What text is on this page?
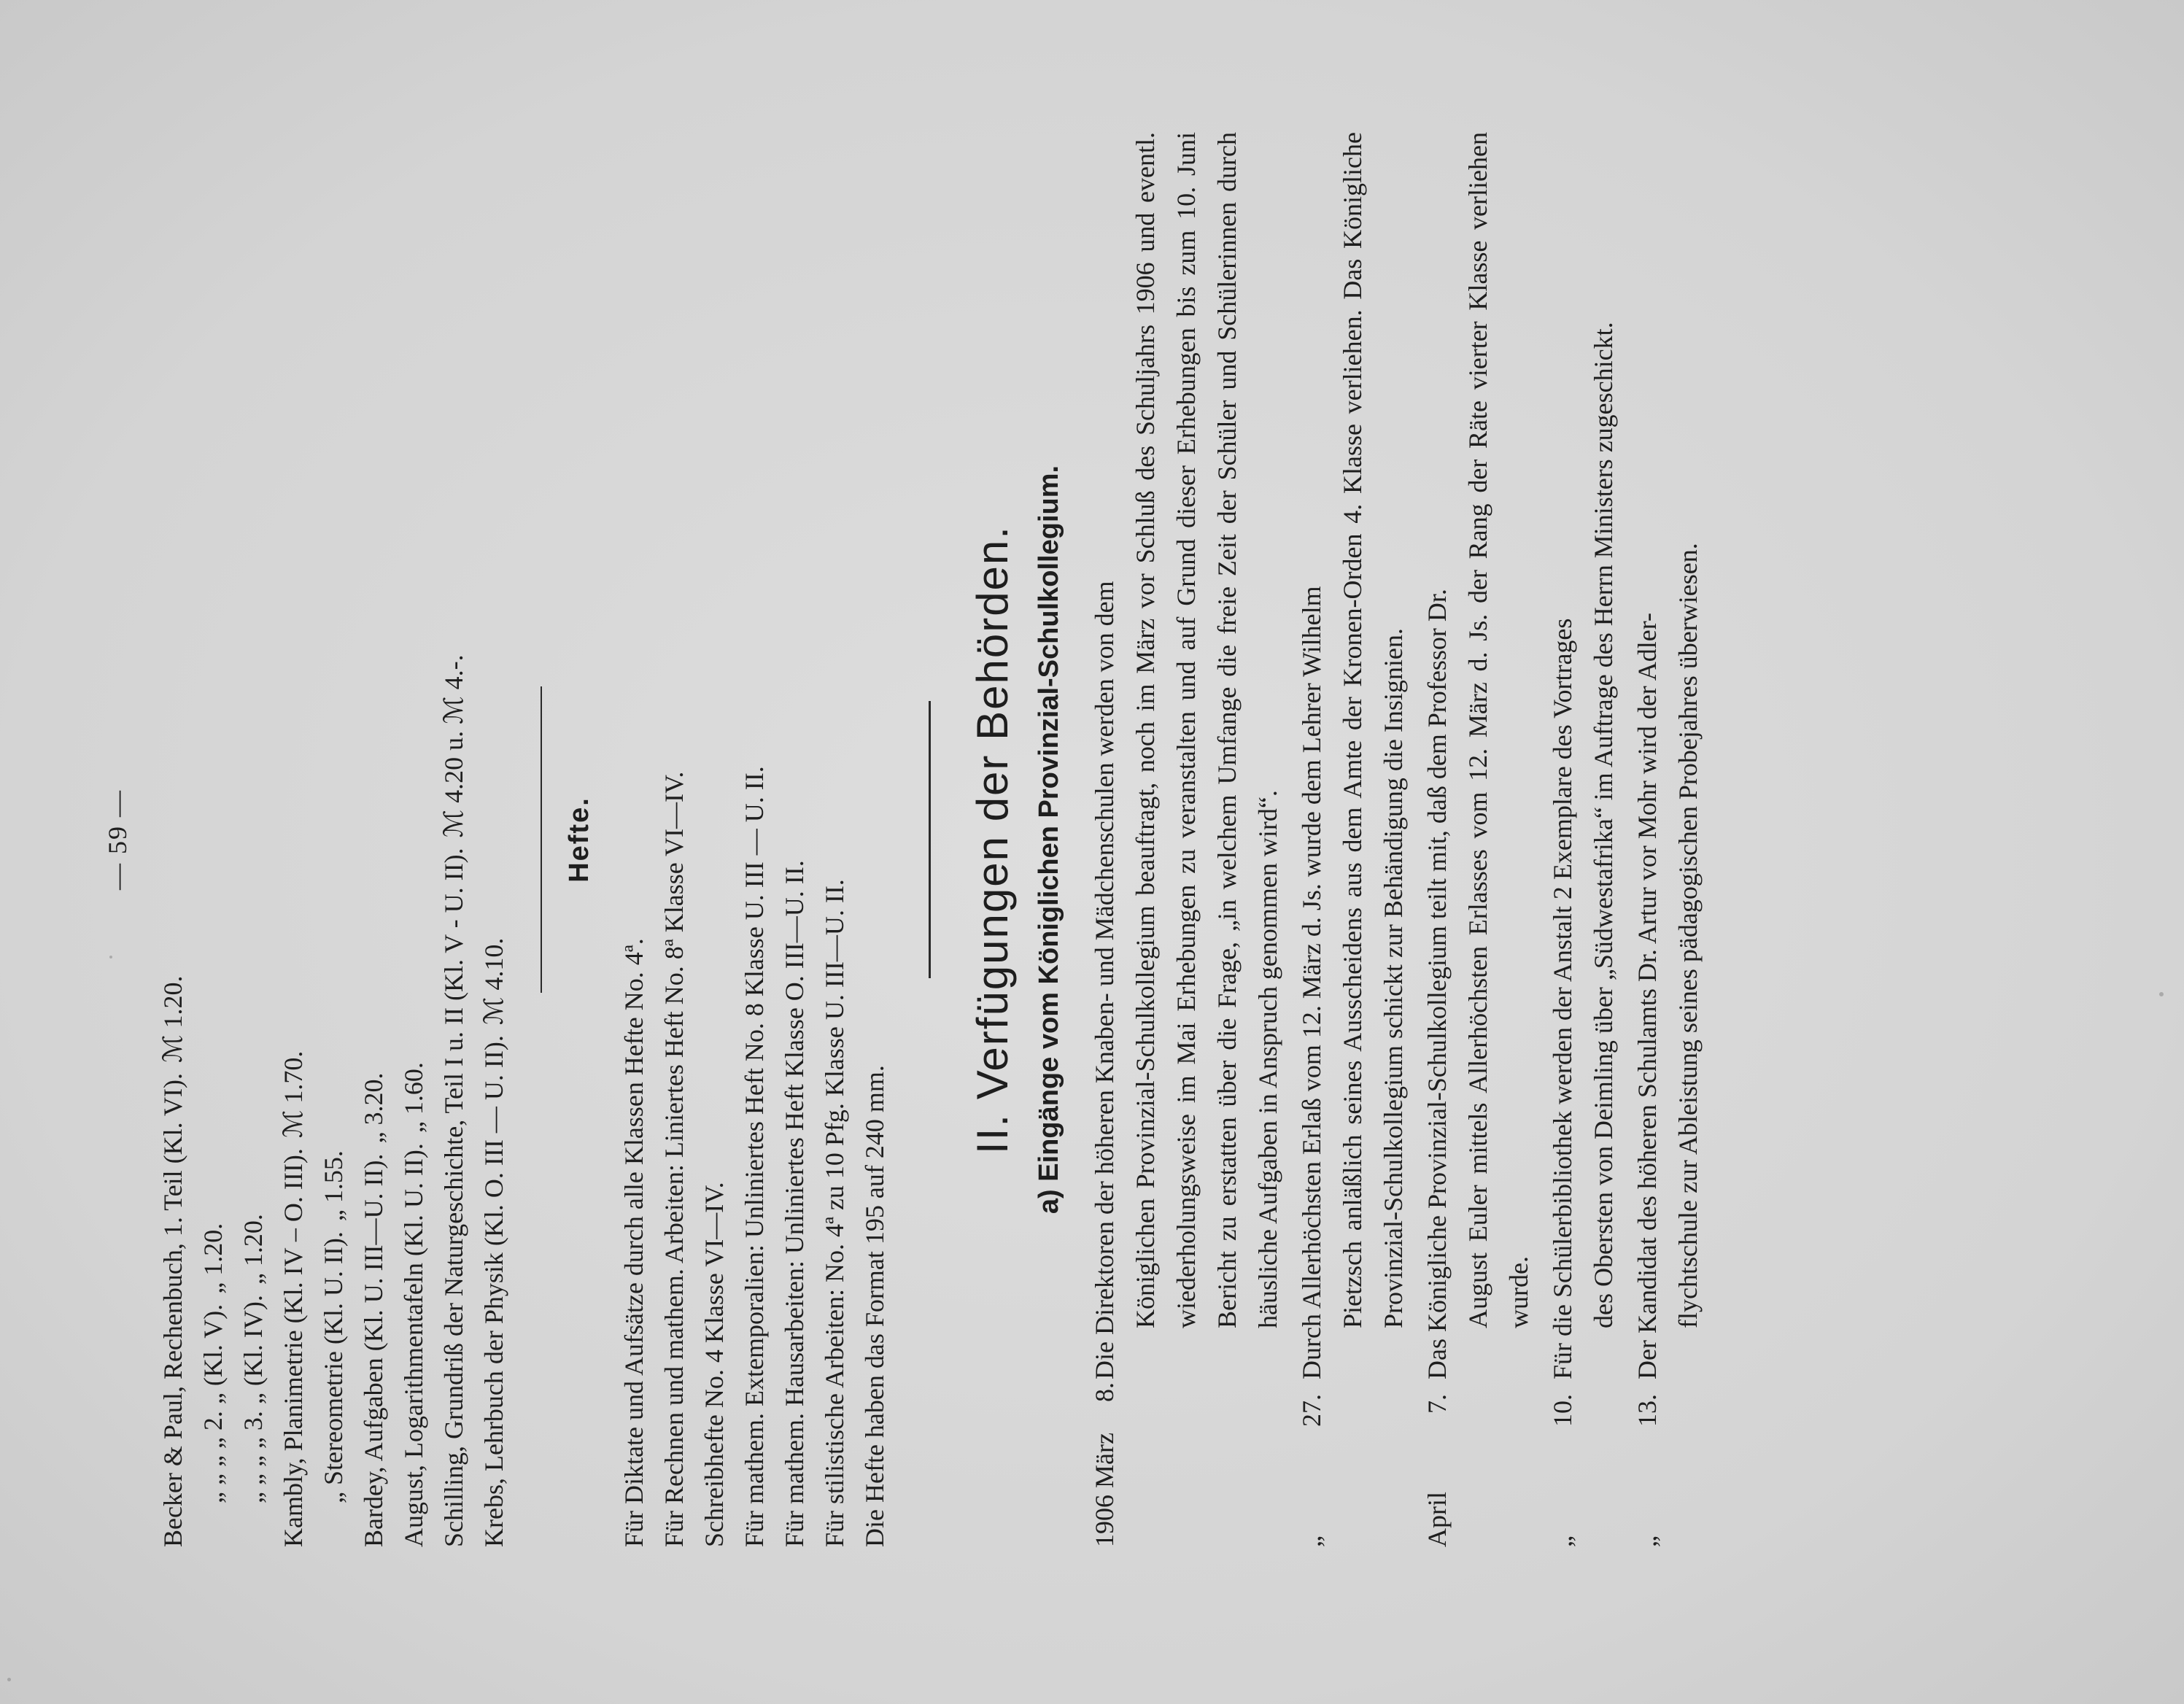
— 59 —
Becker & Paul, Rechenbuch, 1. Teil (Kl. VI).
ℳ 1.20.
„ „ „ „ 2. „ (Kl. V).
„ 1.20.
„ „ „ „ 3. „ (Kl. IV).
„ 1.20. Kambly, Planimetrie (Kl. IV – O. III).
ℳ 1.70.
„ Stereometrie (Kl. U. II).
„ 1.55. Bardey, Aufgaben (Kl. U. III—U. II).
„ 3.20.
August, Logarithmentafeln (Kl. U. II).
„ 1.60. Schilling, Grundriß der Naturgeschichte, Teil I u. II (Kl. V - U. II).
ℳ 4.20 u. ℳ 4.-.
Krebs, Lehrbuch der Physik (Kl. O. III — U. II).
ℳ 4.10.
Hefte.
Für Diktate und Aufsätze durch alle Klassen Hefte No. 4ª. Für Rechnen und mathem. Arbeiten: Liniertes Heft No. 8ª Klasse VI—IV. Schreibhefte No. 4 Klasse VI—IV. Für mathem. Extemporalien: Unliniertes Heft No. 8 Klasse U. III — U. II. Für mathem. Hausarbeiten: Unliniertes Heft Klasse O. III—U. II. Für stilistische Arbeiten: No. 4ª zu 10 Pfg. Klasse U. III—U. II. Die Hefte haben das Format 195 auf 240 mm.
II. Verfügungen der Behörden. a) Eingänge vom Königlichen Provinzial-Schulkollegium.
1906 März 8.

Die Direktoren der höheren Knaben- und Mädchenschulen werden von dem Königlichen Provinzial-Schulkollegium beauftragt, noch im März vor Schluß des Schuljahrs 1906 und eventl. wiederholungsweise im Mai Erhebungen zu veranstalten und auf Grund dieser Erhebungen bis zum 10. Juni Bericht zu erstatten über die Frage, „in welchem Umfange die freie Zeit der Schüler und Schülerinnen durch häusliche Aufgaben in Anspruch genommen wird“.

„27.

Durch Allerhöchsten Erlaß vom 12. März d. Js. wurde dem Lehrer Wilhelm Pietzsch anläßlich seines Ausscheidens aus dem Amte der Kronen-Orden 4. Klasse verliehen. Das Königliche Provinzial-Schulkollegium schickt zur Behändigung die Insignien.

April7.

Das Königliche Provinzial-Schulkollegium teilt mit, daß dem Professor Dr. August Euler mittels Allerhöchsten Erlasses vom 12. März d. Js. der Rang der Räte vierter Klasse verliehen wurde.

„10.

Für die Schülerbibliothek werden der Anstalt 2 Exemplare des Vortrages des Obersten von Deimling über „Südwestafrika“ im Auftrage des Herrn Ministers zugeschickt.

„13.

Der Kandidat des höheren Schulamts Dr. Artur vor Mohr wird der Adler- flychtschule zur Ableistung seines pädagogischen Probejahres überwiesen.
